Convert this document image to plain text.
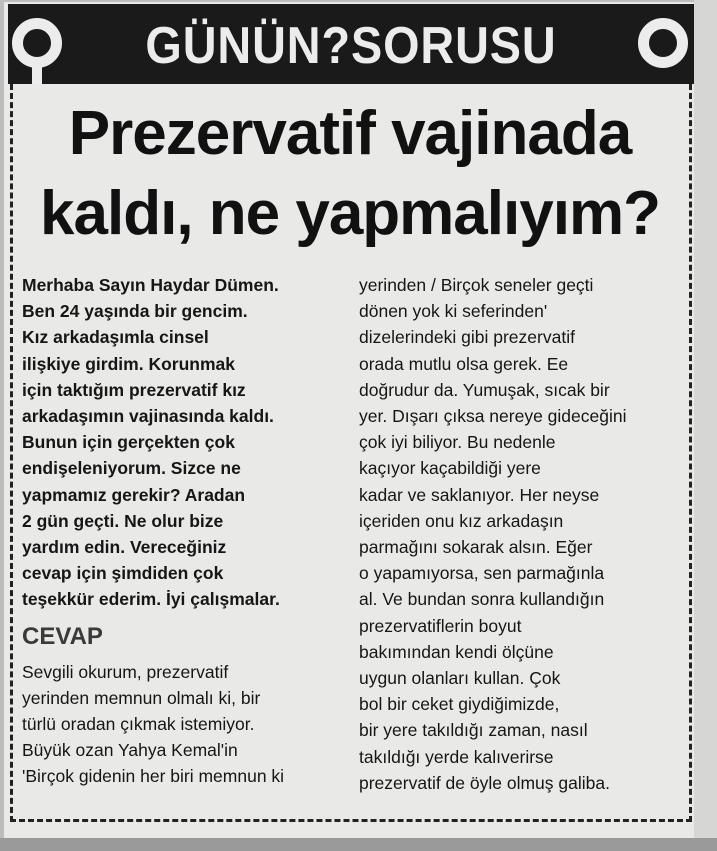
GÜNÜN?SORUSU
Prezervatif vajinada
kaldı, ne yapmalıyım?
Merhaba Sayın Haydar Dümen.
Ben 24 yaşında bir gencim.
Kız arkadaşımla cinsel
ilişkiye girdim. Korunmak
için taktığım prezervatif kız
arkadaşımın vajinasında kaldı.
Bunun için gerçekten çok
endişeleniyorum. Sizce ne
yapmamız gerekir? Aradan
2 gün geçti. Ne olur bize
yardım edin. Vereceğiniz
cevap için şimdiden çok
teşekkür ederim. İyi çalışmalar.
CEVAP
Sevgili okurum, prezervatif
yerinden memnun olmalı ki, bir
türlü oradan çıkmak istemiyor.
Büyük ozan Yahya Kemal'in
'Birçok gidenin her biri memnun ki
yerinden / Birçok seneler geçti
dönen yok ki seferinden'
dizelerindeki gibi prezervatif
orada mutlu olsa gerek. Ee
doğrudur da. Yumuşak, sıcak bir
yer. Dışarı çıksa nereye gideceğini
çok iyi biliyor. Bu nedenle
kaçıyor kaçabildiği yere
kadar ve saklanıyor. Her neyse
içeriden onu kız arkadaşın
parmağını sokarak alsın. Eğer
o yapamıyorsa, sen parmağınla
al. Ve bundan sonra kullandığın
prezervatiflerin boyut
bakımından kendi ölçüne
uygun olanları kullan. Çok
bol bir ceket giydiğimizde,
bir yere takıldığı zaman, nasıl
takıldığı yerde kalıverirse
prezervatif de öyle olmuş galiba.
